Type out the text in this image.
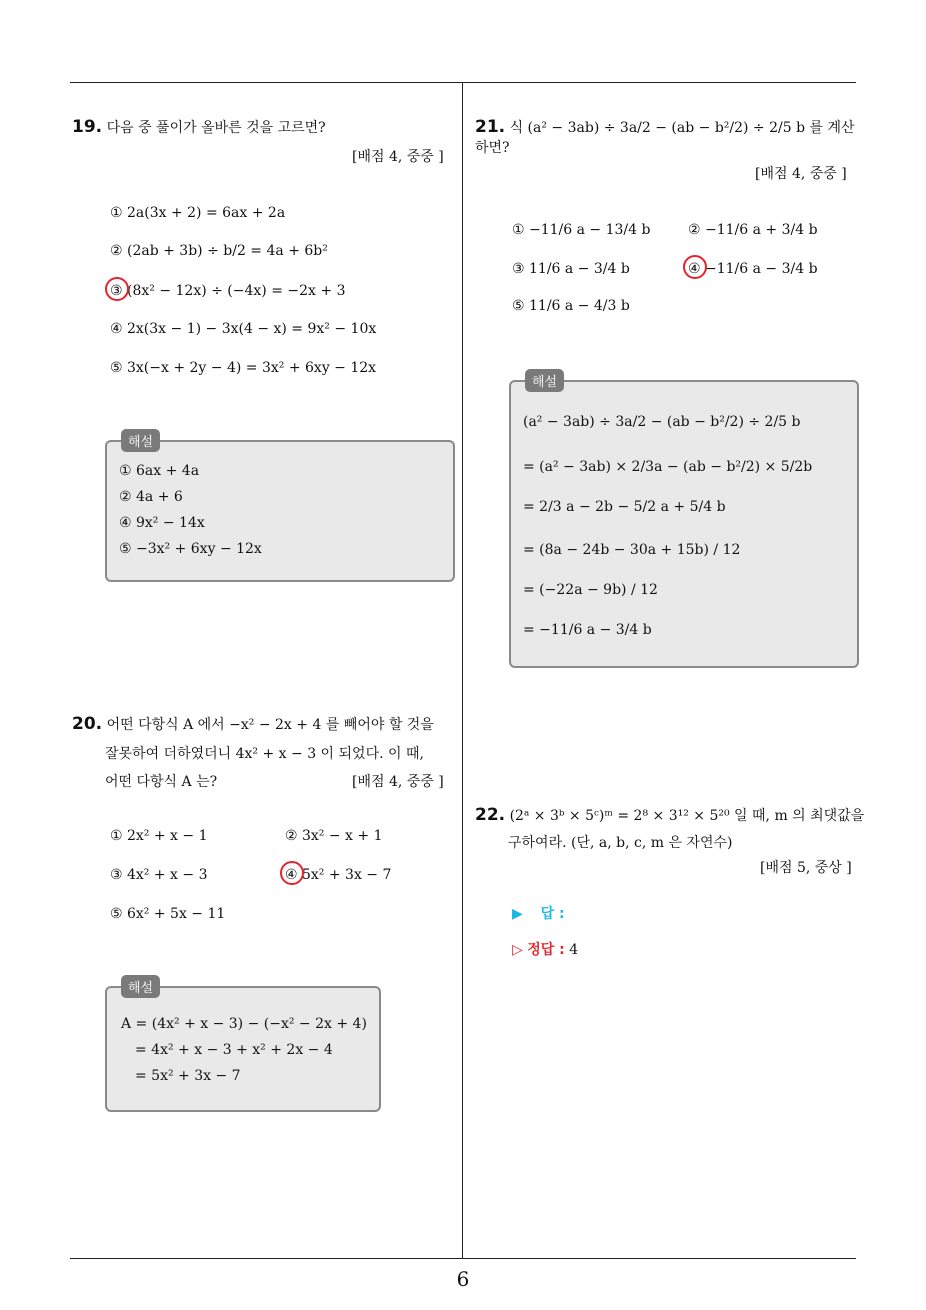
19. 다음 중 풀이가 올바른 것을 고르면?
[배점 4, 중중 ]
① 2a(3x + 2) = 6ax + 2a
② (2ab + 3b) ÷ b/2 = 4a + 6b²
③ (8x² − 12x) ÷ (−4x) = −2x + 3
④ 2x(3x − 1) − 3x(4 − x) = 9x² − 10x
⑤ 3x(−x + 2y − 4) = 3x² + 6xy − 12x
해설
① 6ax + 4a
② 4a + 6
④ 9x² − 14x
⑤ −3x² + 6xy − 12x
20. 어떤 다항식 A 에서 −x² − 2x + 4 를 빼어야 할 것을
잘못하여 더하였더니 4x² + x − 3 이 되었다. 이 때,
어떤 다항식 A 는?	[배점 4, 중중 ]
① 2x² + x − 1	② 3x² − x + 1
③ 4x² + x − 3	④ 5x² + 3x − 7
⑤ 6x² + 5x − 11
해설
A = (4x² + x − 3) − (−x² − 2x + 4)
= 4x² + x − 3 + x² + 2x − 4
= 5x² + 3x − 7
21. 식 (a² − 3ab) ÷ 3a/2 − (ab − b²/2) ÷ 2/5 b 를 계산하면?
[배점 4, 중중 ]
① −11/6 a − 13/4 b	② −11/6 a + 3/4 b
③ 11/6 a − 3/4 b	④ −11/6 a − 3/4 b
⑤ 11/6 a − 4/3 b
해설
(a² − 3ab) ÷ 3a/2 − (ab − b²/2) ÷ 2/5 b
= (a² − 3ab) × 2/3a − (ab − b²/2) × 5/2b
= 2/3 a − 2b − 5/2 a + 5/4 b
= (8a − 24b − 30a + 15b) / 12
= (−22a − 9b) / 12
= −11/6 a − 3/4 b
22. (2ᵃ × 3ᵇ × 5ᶜ)ᵐ = 2⁸ × 3¹² × 5²⁰ 일 때, m 의 최댓값을
구하여라. (단, a, b, c, m 은 자연수)
[배점 5, 중상 ]
▶ 답 :
▷ 정답 : 4
6
